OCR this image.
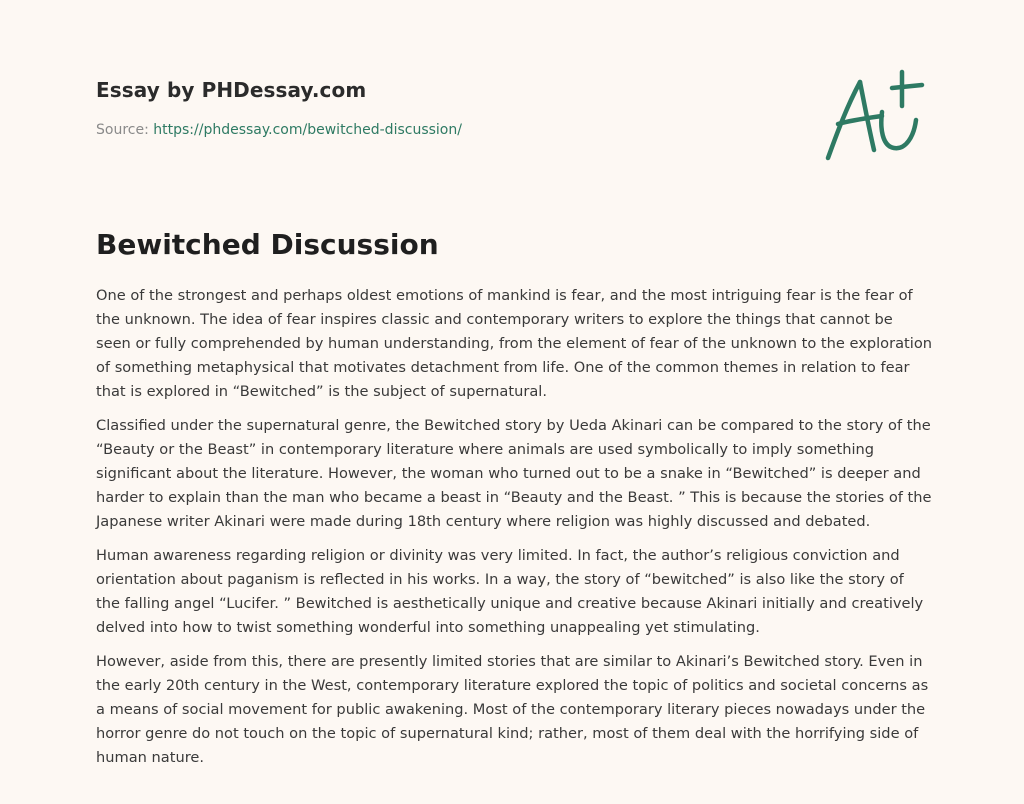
Essay by PHDessay.com
Source: https://phdessay.com/bewitched-discussion/
Bewitched Discussion

One of the strongest and perhaps oldest emotions of mankind is fear, and the most intriguing fear is the fear of the unknown. The idea of fear inspires classic and contemporary writers to explore the things that cannot be seen or fully comprehended by human understanding, from the element of fear of the unknown to the exploration of something metaphysical that motivates detachment from life. One of the common themes in relation to fear that is explored in “Bewitched” is the subject of supernatural.

Classified under the supernatural genre, the Bewitched story by Ueda Akinari can be compared to the story of the “Beauty or the Beast” in contemporary literature where animals are used symbolically to imply something significant about the literature. However, the woman who turned out to be a snake in “Bewitched” is deeper and harder to explain than the man who became a beast in “Beauty and the Beast. ” This is because the stories of the Japanese writer Akinari were made during 18th century where religion was highly discussed and debated.

Human awareness regarding religion or divinity was very limited. In fact, the author’s religious conviction and orientation about paganism is reflected in his works. In a way, the story of “bewitched” is also like the story of the falling angel “Lucifer. ” Bewitched is aesthetically unique and creative because Akinari initially and creatively delved into how to twist something wonderful into something unappealing yet stimulating.

However, aside from this, there are presently limited stories that are similar to Akinari’s Bewitched story. Even in the early 20th century in the West, contemporary literature explored the topic of politics and societal concerns as a means of social movement for public awakening. Most of the contemporary literary pieces nowadays under the horror genre do not touch on the topic of supernatural kind; rather, most of them deal with the horrifying side of human nature.
